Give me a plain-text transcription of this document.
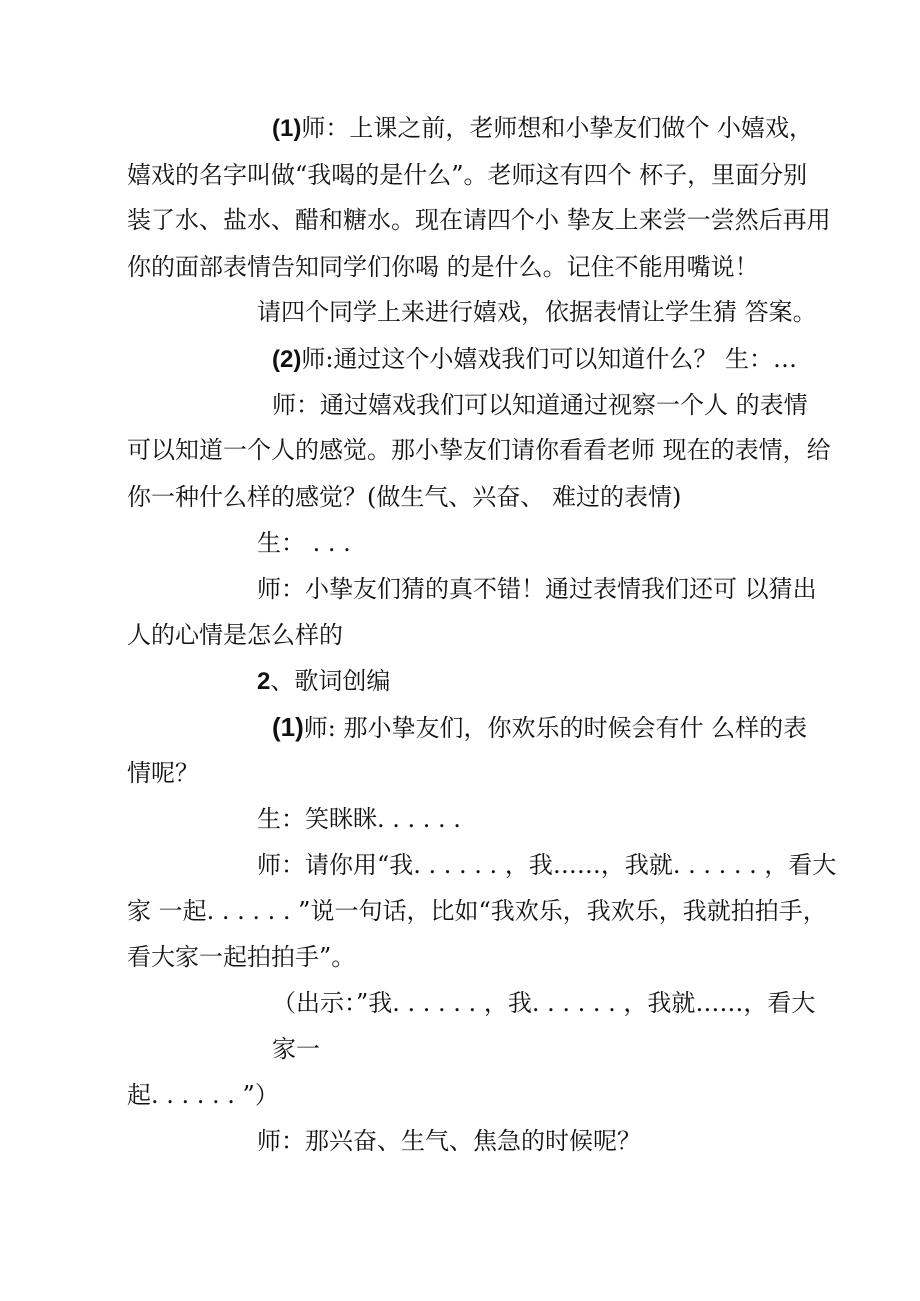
(1)师：上课之前，老师想和小挚友们做个 小嬉戏，
嬉戏的名字叫做“我喝的是什么”。老师这有四个 杯子，里面分别
装了水、盐水、醋和糖水。现在请四个小 挚友上来尝一尝然后再用
你的面部表情告知同学们你喝 的是什么。记住不能用嘴说！
请四个同学上来进行嬉戏，依据表情让学生猜 答案。
(2)师:通过这个小嬉戏我们可以知道什么？ 生：…
师：通过嬉戏我们可以知道通过视察一个人 的表情
可以知道一个人的感觉。那小挚友们请你看看老师 现在的表情，给
你一种什么样的感觉？(做生气、兴奋、 难过的表情)
生： . . .
师：小挚友们猜的真不错！通过表情我们还可 以猜出
人的心情是怎么样的
2、歌词创编
(1)师: 那小挚友们，你欢乐的时候会有什 么样的表
情呢？
生：笑眯眯. . . . . .
师：请你用“我. . . . . . ，我……，我就. . . . . . ，看大
家 一起. . . . . . ”说一句话，比如“我欢乐，我欢乐，我就拍拍手，
看大家一起拍拍手”。
（出示：”我. . . . . . ，我. . . . . . ，我就……，看大
家一
起. . . . . . ”）
师：那兴奋、生气、焦急的时候呢？
